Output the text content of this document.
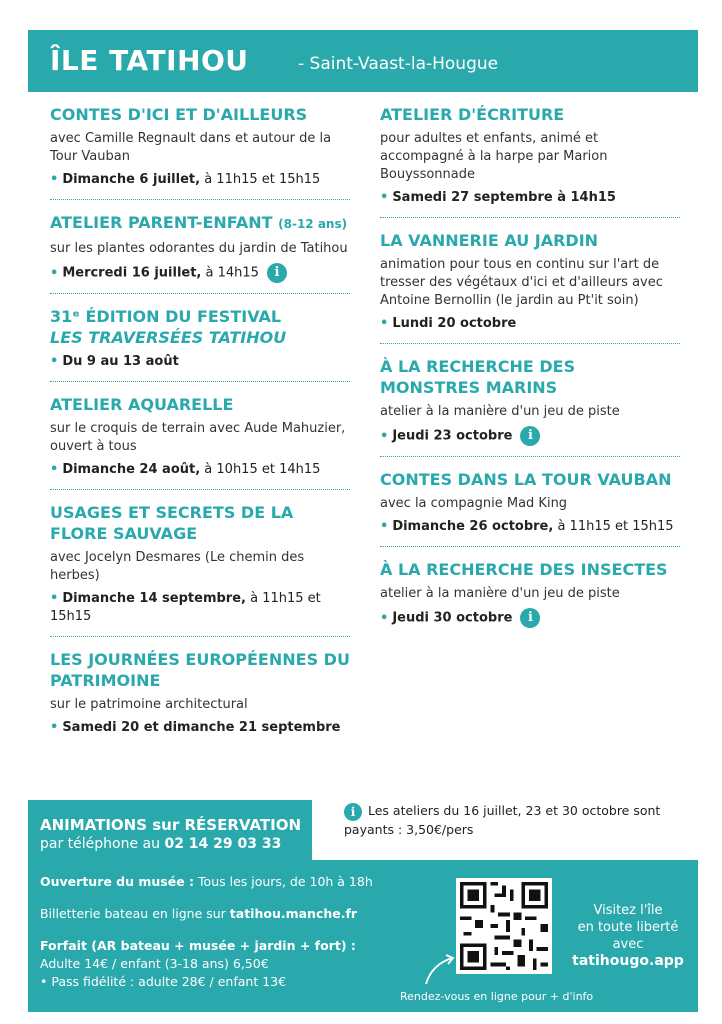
ÎLE TATIHOU	- Saint-Vaast-la-Hougue
CONTES D'ICI ET D'AILLEURS
avec Camille Regnault dans et autour de la Tour Vauban
• Dimanche 6 juillet, à 11h15 et 15h15
ATELIER PARENT-ENFANT (8-12 ans)
sur les plantes odorantes du jardin de Tatihou
• Mercredi 16 juillet, à 14h15 i
31ᵉ ÉDITION DU FESTIVAL
LES TRAVERSÉES TATIHOU
• Du 9 au 13 août
ATELIER AQUARELLE
sur le croquis de terrain avec Aude Mahuzier, ouvert à tous
• Dimanche 24 août, à 10h15 et 14h15
USAGES ET SECRETS DE LA FLORE SAUVAGE
avec Jocelyn Desmares (Le chemin des herbes)
• Dimanche 14 septembre, à 11h15 et 15h15
LES JOURNÉES EUROPÉENNES DU PATRIMOINE
sur le patrimoine architectural
• Samedi 20 et dimanche 21 septembre
ATELIER D'ÉCRITURE
pour adultes et enfants, animé et accompagné à la harpe par Marion Bouyssonnade
• Samedi 27 septembre à 14h15
LA VANNERIE AU JARDIN
animation pour tous en continu sur l'art de tresser des végétaux d'ici et d'ailleurs avec Antoine Bernollin (le jardin au Pt'it soin)
• Lundi 20 octobre
À LA RECHERCHE DES MONSTRES MARINS
atelier à la manière d'un jeu de piste
• Jeudi 23 octobre i
CONTES DANS LA TOUR VAUBAN
avec la compagnie Mad King
• Dimanche 26 octobre, à 11h15 et 15h15
À LA RECHERCHE DES INSECTES
atelier à la manière d'un jeu de piste
• Jeudi 30 octobre i
i Les ateliers du 16 juillet, 23 et 30 octobre sont payants : 3,50€/pers
ANIMATIONS sur RÉSERVATION
par téléphone au 02 14 29 03 33
Ouverture du musée : Tous les jours, de 10h à 18h
Billetterie bateau en ligne sur tatihou.manche.fr
Forfait (AR bateau + musée + jardin + fort) :
Adulte 14€ / enfant (3-18 ans) 6,50€
• Pass fidélité : adulte 28€ / enfant 13€
Visitez l'île
en toute liberté
avec
tatihougo.app
Rendez-vous en ligne pour + d'info
